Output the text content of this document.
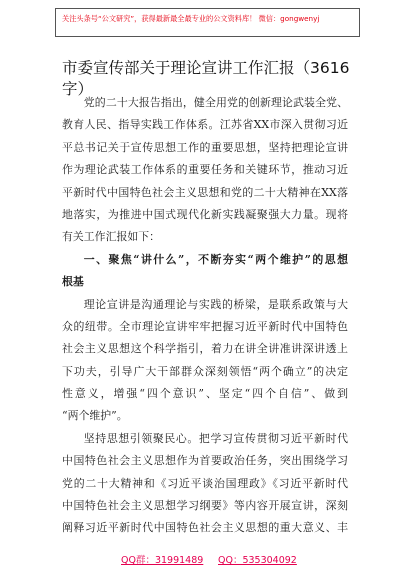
关注头条号“公文研究”，获得最新最全最专业的公文资料库！ 微信：gongwenyj
市委宣传部关于理论宣讲工作汇报（3616
字）
党的二十大报告指出，健全用党的创新理论武装全党、
教育人民、指导实践工作体系。江苏省XX市深入贯彻习近
平总书记关于宣传思想工作的重要思想，坚持把理论宣讲
作为理论武装工作体系的重要任务和关键环节，推动习近
平新时代中国特色社会主义思想和党的二十大精神在XX落
地落实，为推进中国式现代化新实践凝聚强大力量。现将
有关工作汇报如下：
一、聚焦“讲什么”，不断夯实“两个维护”的思想
根基
理论宣讲是沟通理论与实践的桥梁，是联系政策与大
众的纽带。全市理论宣讲牢牢把握习近平新时代中国特色
社会主义思想这个科学指引，着力在讲全讲准讲深讲透上
下功夫，引导广大干部群众深刻领悟“两个确立”的决定
性意义，增强“四个意识”、坚定“四个自信”、做到
“两个维护”。
坚持思想引领聚民心。把学习宣传贯彻习近平新时代
中国特色社会主义思想作为首要政治任务，突出围绕学习
党的二十大精神和《习近平谈治国理政》《习近平新时代
中国特色社会主义思想学习纲要》等内容开展宣讲，深刻
阐释习近平新时代中国特色社会主义思想的重大意义、丰
QQ群：31991489 QQ：535304092
